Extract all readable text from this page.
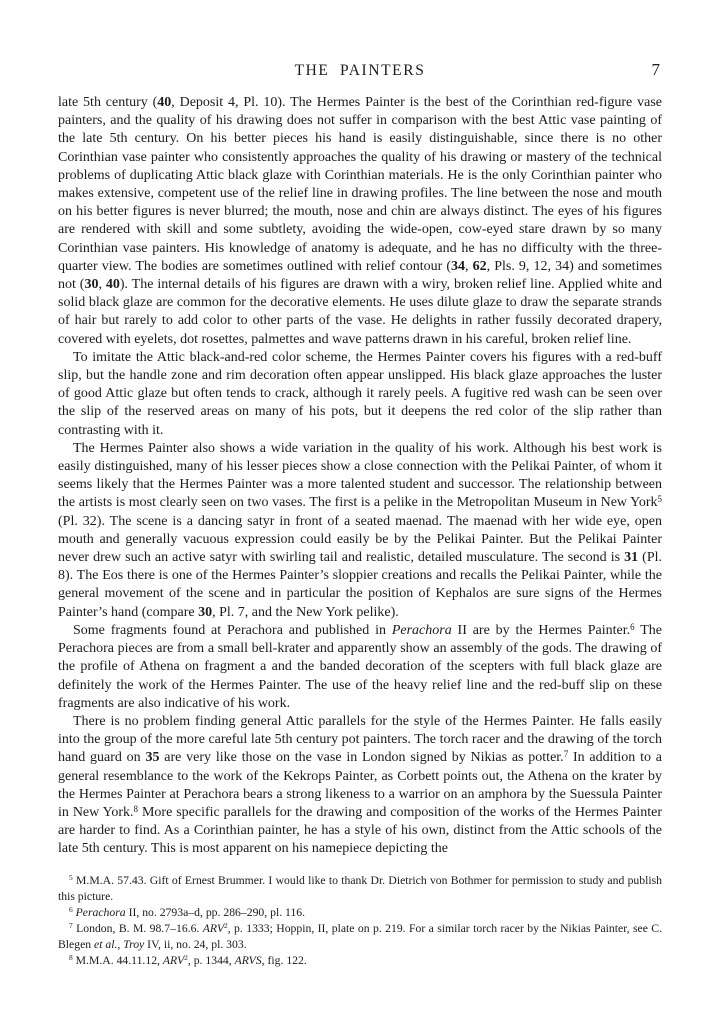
THE PAINTERS	7

late 5th century (40, Deposit 4, Pl. 10). The Hermes Painter is the best of the Corinthian red-figure vase painters, and the quality of his drawing does not suffer in comparison with the best Attic vase painting of the late 5th century. On his better pieces his hand is easily distinguishable, since there is no other Corinthian vase painter who consistently approaches the quality of his drawing or mastery of the technical problems of duplicating Attic black glaze with Corinthian materials. He is the only Corinthian painter who makes extensive, competent use of the relief line in drawing profiles. The line between the nose and mouth on his better figures is never blurred; the mouth, nose and chin are always distinct. The eyes of his figures are rendered with skill and some subtlety, avoiding the wide-open, cow-eyed stare drawn by so many Corinthian vase painters. His knowledge of anatomy is adequate, and he has no difficulty with the three-quarter view. The bodies are sometimes outlined with relief contour (34, 62, Pls. 9, 12, 34) and sometimes not (30, 40). The internal details of his figures are drawn with a wiry, broken relief line. Applied white and solid black glaze are common for the decorative elements. He uses dilute glaze to draw the separate strands of hair but rarely to add color to other parts of the vase. He delights in rather fussily decorated drapery, covered with eyelets, dot rosettes, palmettes and wave patterns drawn in his careful, broken relief line.

To imitate the Attic black-and-red color scheme, the Hermes Painter covers his figures with a red-buff slip, but the handle zone and rim decoration often appear unslipped. His black glaze approaches the luster of good Attic glaze but often tends to crack, although it rarely peels. A fugitive red wash can be seen over the slip of the reserved areas on many of his pots, but it deepens the red color of the slip rather than contrasting with it.

The Hermes Painter also shows a wide variation in the quality of his work. Although his best work is easily distinguished, many of his lesser pieces show a close connection with the Pelikai Painter, of whom it seems likely that the Hermes Painter was a more talented student and successor. The relationship between the artists is most clearly seen on two vases. The first is a pelike in the Metropolitan Museum in New York$^5$ (Pl. 32). The scene is a dancing satyr in front of a seated maenad. The maenad with her wide eye, open mouth and generally vacuous expression could easily be by the Pelikai Painter. But the Pelikai Painter never drew such an active satyr with swirling tail and realistic, detailed musculature. The second is 31 (Pl. 8). The Eos there is one of the Hermes Painter’s sloppier creations and recalls the Pelikai Painter, while the general movement of the scene and in particular the position of Kephalos are sure signs of the Hermes Painter’s hand (compare 30, Pl. 7, and the New York pelike).

Some fragments found at Perachora and published in Perachora II are by the Hermes Painter.$^6$ The Perachora pieces are from a small bell-krater and apparently show an assembly of the gods. The drawing of the profile of Athena on fragment a and the banded decoration of the scepters with full black glaze are definitely the work of the Hermes Painter. The use of the heavy relief line and the red-buff slip on these fragments are also indicative of his work.

There is no problem finding general Attic parallels for the style of the Hermes Painter. He falls easily into the group of the more careful late 5th century pot painters. The torch racer and the drawing of the torch hand guard on 35 are very like those on the vase in London signed by Nikias as potter.$^7$ In addition to a general resemblance to the work of the Kekrops Painter, as Corbett points out, the Athena on the krater by the Hermes Painter at Perachora bears a strong likeness to a warrior on an amphora by the Suessula Painter in New York.$^8$ More specific parallels for the drawing and composition of the works of the Hermes Painter are harder to find. As a Corinthian painter, he has a style of his own, distinct from the Attic schools of the late 5th century. This is most apparent on his namepiece depicting the

$^5$ M.M.A. 57.43. Gift of Ernest Brummer. I would like to thank Dr. Dietrich von Bothmer for permission to study and publish this picture.

$^6$ Perachora II, no. 2793a–d, pp. 286–290, pl. 116.

$^7$ London, B. M. 98.7–16.6. ARV$^2$, p. 1333; Hoppin, II, plate on p. 219. For a similar torch racer by the Nikias Painter, see C. Blegen et al., Troy IV, ii, no. 24, pl. 303.

$^8$ M.M.A. 44.11.12, ARV$^2$, p. 1344, ARVS, fig. 122.
